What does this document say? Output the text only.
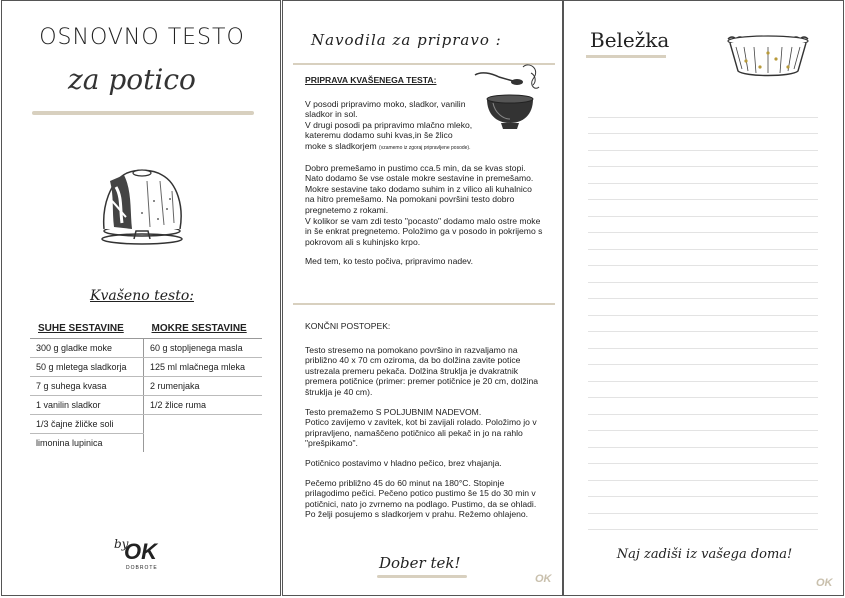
OSNOVNO TESTO
za potico
Kvašeno testo:
SUHE SESTAVINE	MOKRE SESTAVINE
300 g gladke moke	60 g stopljenega masla
50 g mletega sladkorja	125 ml mlačnega mleka
7 g suhega kvasa	2 rumenjaka
1 vanilin sladkor	1/2 žlice ruma
1/3 čajne žličke soli	
limonina lupinica	
by
OK
DOBROTE
Navodila za pripravo :

PRIPRAVA KVAŠENEGA TESTA:

V posodi pripravimo moko, sladkor, vanilin
sladkor in sol.
V drugi posodi pa pripravimo mlačno mleko,
kateremu dodamo suhi kvas,in še žlico
moke s sladkorjem (vzamemo iz zgoraj pripravljene posode).

Dobro premešamo in pustimo cca.5 min, da se kvas stopi. Nato dodamo še vse ostale mokre sestavine in premešamo.

Mokre sestavine tako dodamo suhim in z vilico ali kuhalnico na hitro premešamo. Na pomokani površini testo dobro pregnetemo z rokami.

V kolikor se vam zdi testo "pocasto" dodamo malo ostre moke in še enkrat pregnetemo. Položimo ga v posodo in pokrijemo s pokrovom ali s kuhinjsko krpo.

Med tem, ko testo počiva, pripravimo nadev.

KONČNI POSTOPEK:

Testo stresemo na pomokano površino in razvaljamo na približno 40 x 70 cm oziroma, da bo dolžina zavite potice ustrezala premeru pekača. Dolžina štruklja je dvakratnik premera potičnice (primer: premer potičnice je 20 cm, dolžina štruklja je 40 cm).

Testo premažemo S POLJUBNIM NADEVOM.

Potico zavijemo v zavitek, kot bi zavijali rolado. Položimo jo v pripravljeno, namaščeno potičnico ali pekač in jo na rahlo "prešpikamo".

Potičnico postavimo v hladno pečico, brez vhajanja.

Pečemo približno 45 do 60 minut na 180°C. Stopinje prilagodimo pečici. Pečeno potico pustimo še 15 do 30 min v potičnici, nato jo zvrnemo na podlago. Pustimo, da se ohladi. Po želji posujemo s sladkorjem v prahu. Režemo ohlajeno.

Dober tek!
OK
Beležka
Naj zadiši iz vašega doma!
OK
